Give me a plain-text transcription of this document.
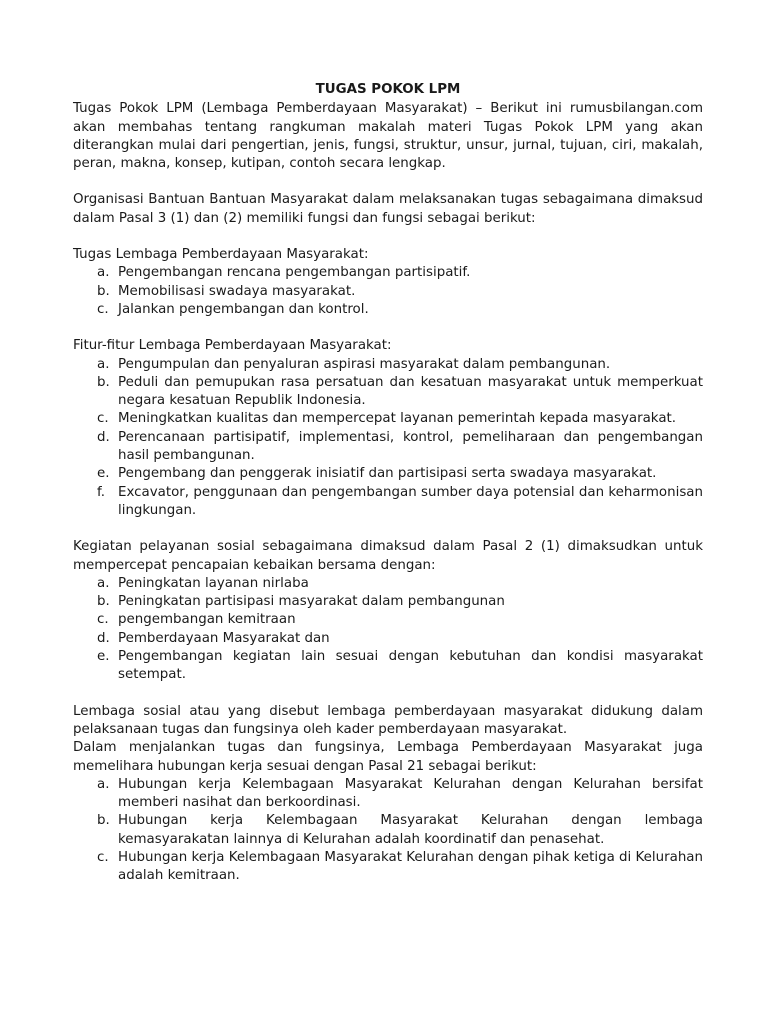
TUGAS POKOK LPM

Tugas Pokok LPM (Lembaga Pemberdayaan Masyarakat) – Berikut ini rumusbilangan.com akan membahas tentang rangkuman makalah materi Tugas Pokok LPM yang akan diterangkan mulai dari pengertian, jenis, fungsi, struktur, unsur, jurnal, tujuan, ciri, makalah, peran, makna, konsep, kutipan, contoh secara lengkap.

Organisasi Bantuan Bantuan Masyarakat dalam melaksanakan tugas sebagaimana dimaksud dalam Pasal 3 (1) dan (2) memiliki fungsi dan fungsi sebagai berikut:

Tugas Lembaga Pemberdayaan Masyarakat:

a. Pengembangan rencana pengembangan partisipatif.
b. Memobilisasi swadaya masyarakat.
c. Jalankan pengembangan dan kontrol.

Fitur-fitur Lembaga Pemberdayaan Masyarakat:

a. Pengumpulan dan penyaluran aspirasi masyarakat dalam pembangunan.
b. Peduli dan pemupukan rasa persatuan dan kesatuan masyarakat untuk memperkuat negara kesatuan Republik Indonesia.
c. Meningkatkan kualitas dan mempercepat layanan pemerintah kepada masyarakat.
d. Perencanaan partisipatif, implementasi, kontrol, pemeliharaan dan pengembangan hasil pembangunan.
e. Pengembang dan penggerak inisiatif dan partisipasi serta swadaya masyarakat.
f. Excavator, penggunaan dan pengembangan sumber daya potensial dan keharmonisan lingkungan.

Kegiatan pelayanan sosial sebagaimana dimaksud dalam Pasal 2 (1) dimaksudkan untuk mempercepat pencapaian kebaikan bersama dengan:

a. Peningkatan layanan nirlaba
b. Peningkatan partisipasi masyarakat dalam pembangunan
c. pengembangan kemitraan
d. Pemberdayaan Masyarakat dan
e. Pengembangan kegiatan lain sesuai dengan kebutuhan dan kondisi masyarakat setempat.

Lembaga sosial atau yang disebut lembaga pemberdayaan masyarakat didukung dalam pelaksanaan tugas dan fungsinya oleh kader pemberdayaan masyarakat.

Dalam menjalankan tugas dan fungsinya, Lembaga Pemberdayaan Masyarakat juga memelihara hubungan kerja sesuai dengan Pasal 21 sebagai berikut:

a. Hubungan kerja Kelembagaan Masyarakat Kelurahan dengan Kelurahan bersifat memberi nasihat dan berkoordinasi.
b. Hubungan kerja Kelembagaan Masyarakat Kelurahan dengan lembaga kemasyarakatan lainnya di Kelurahan adalah koordinatif dan penasehat.
c. Hubungan kerja Kelembagaan Masyarakat Kelurahan dengan pihak ketiga di Kelurahan adalah kemitraan.
